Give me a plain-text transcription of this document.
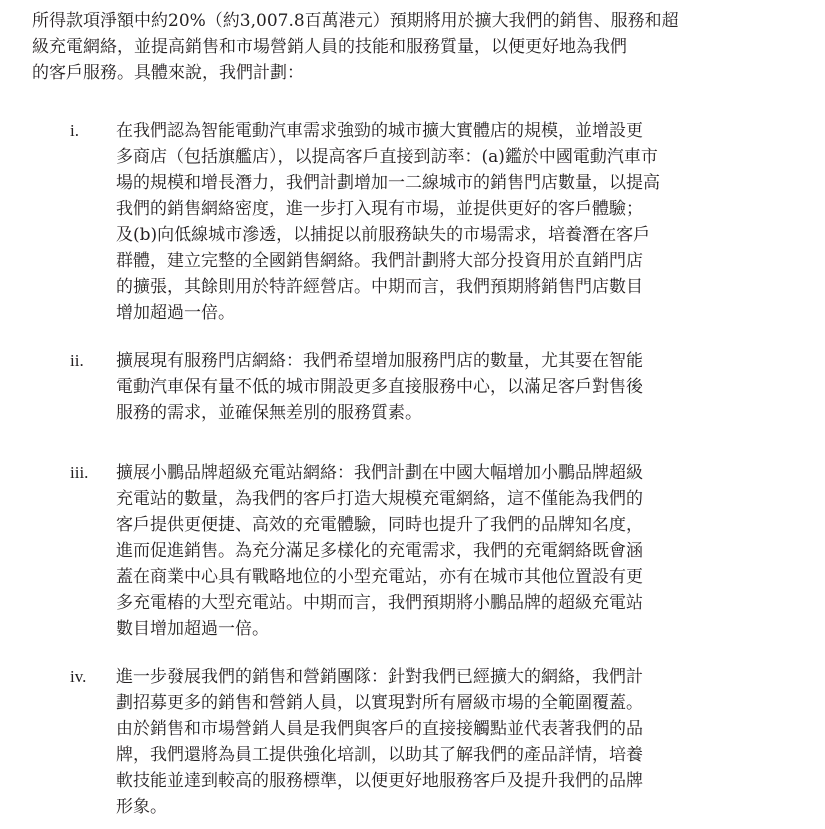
所得款項淨額中約20%（約3,007.8百萬港元）預期將用於擴大我們的銷售、服務和超
級充電網絡，並提高銷售和市場營銷人員的技能和服務質量，以便更好地為我們
的客戶服務。具體來說，我們計劃：

i. 在我們認為智能電動汽車需求強勁的城市擴大實體店的規模，並增設更
多商店（包括旗艦店），以提高客戶直接到訪率：(a)鑑於中國電動汽車市
場的規模和增長潛力，我們計劃增加一二線城市的銷售門店數量，以提高
我們的銷售網絡密度，進一步打入現有市場，並提供更好的客戶體驗；
及(b)向低線城市滲透，以捕捉以前服務缺失的市場需求，培養潛在客戶
群體，建立完整的全國銷售網絡。我們計劃將大部分投資用於直銷門店
的擴張，其餘則用於特許經營店。中期而言，我們預期將銷售門店數目
增加超過一倍。
ii. 擴展現有服務門店網絡：我們希望增加服務門店的數量，尤其要在智能
電動汽車保有量不低的城市開設更多直接服務中心，以滿足客戶對售後
服務的需求，並確保無差別的服務質素。
iii. 擴展小鵬品牌超級充電站網絡：我們計劃在中國大幅增加小鵬品牌超級
充電站的數量，為我們的客戶打造大規模充電網絡，這不僅能為我們的
客戶提供更便捷、高效的充電體驗，同時也提升了我們的品牌知名度，
進而促進銷售。為充分滿足多樣化的充電需求，我們的充電網絡既會涵
蓋在商業中心具有戰略地位的小型充電站，亦有在城市其他位置設有更
多充電樁的大型充電站。中期而言，我們預期將小鵬品牌的超級充電站
數目增加超過一倍。
iv. 進一步發展我們的銷售和營銷團隊：針對我們已經擴大的網絡，我們計
劃招募更多的銷售和營銷人員，以實現對所有層級市場的全範圍覆蓋。
由於銷售和市場營銷人員是我們與客戶的直接接觸點並代表著我們的品
牌，我們還將為員工提供強化培訓，以助其了解我們的產品詳情，培養
軟技能並達到較高的服務標準，以便更好地服務客戶及提升我們的品牌
形象。
